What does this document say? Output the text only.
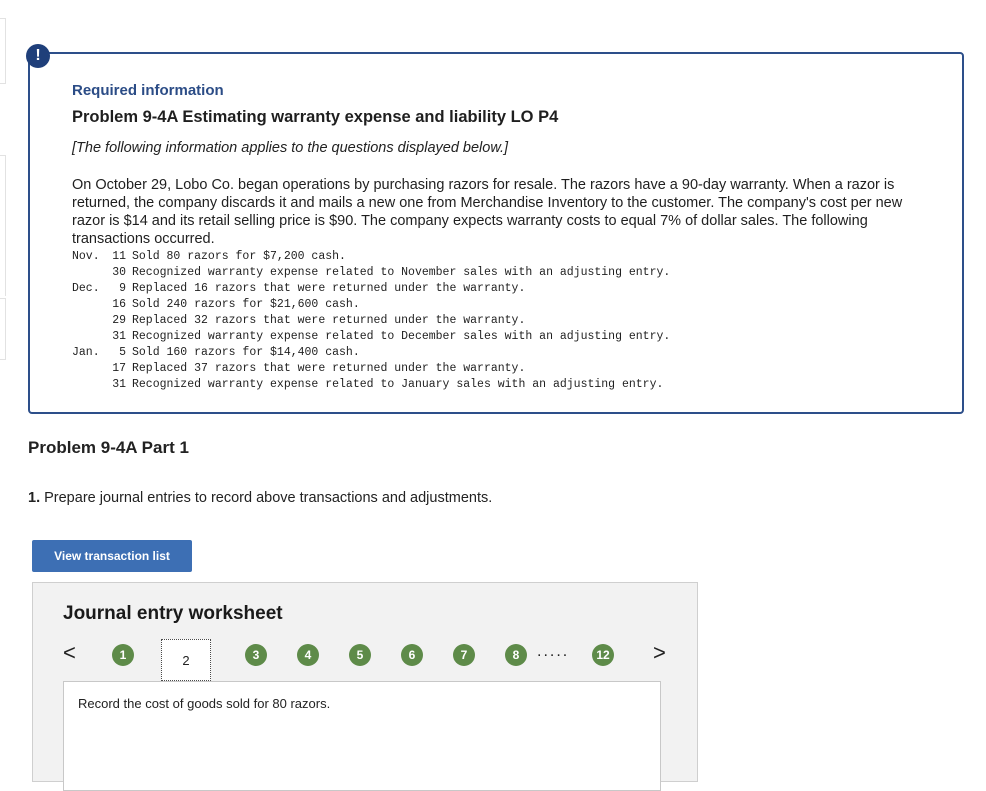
!
Required information
Problem 9-4A Estimating warranty expense and liability LO P4
[The following information applies to the questions displayed below.]

On October 29, Lobo Co. began operations by purchasing razors for resale. The razors have a 90-day warranty. When a razor is returned, the company discards it and mails a new one from Merchandise Inventory to the customer. The company's cost per new razor is $14 and its retail selling price is $90. The company expects warranty costs to equal 7% of dollar sales. The following transactions occurred.

Nov. 11 Sold 80 razors for $7,200 cash.
30 Recognized warranty expense related to November sales with an adjusting entry.
Dec. 9 Replaced 16 razors that were returned under the warranty.
16 Sold 240 razors for $21,600 cash.
29 Replaced 32 razors that were returned under the warranty.
31 Recognized warranty expense related to December sales with an adjusting entry.
Jan. 5 Sold 160 razors for $14,400 cash.
17 Replaced 37 razors that were returned under the warranty.
31 Recognized warranty expense related to January sales with an adjusting entry.
Problem 9-4A Part 1
1. Prepare journal entries to record above transactions and adjustments.
View transaction list
Journal entry worksheet
<	1	2	3	4	5	6	7	8	.....	12 >
Record the cost of goods sold for 80 razors.
